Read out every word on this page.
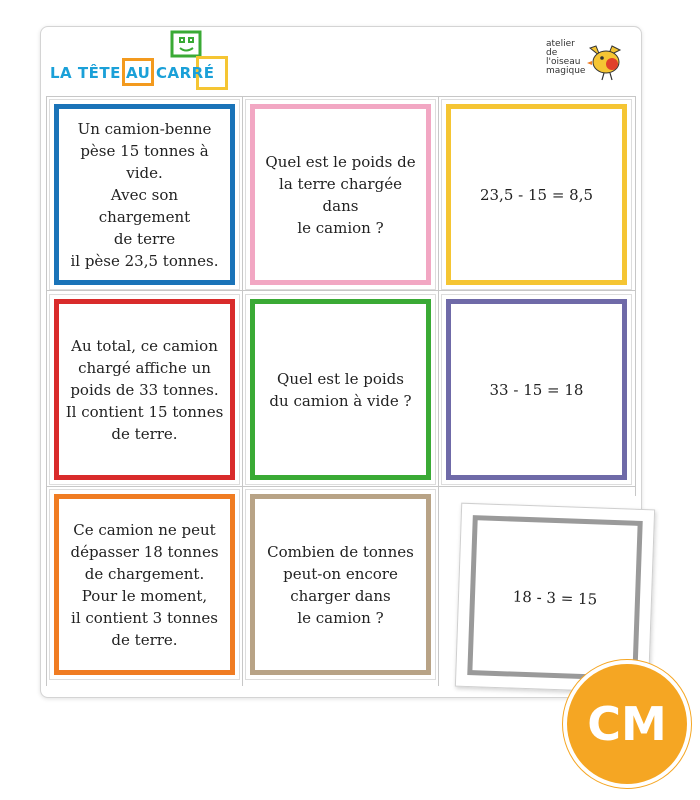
LA TÊTE AU CARRÉ
atelier
de
l'oiseau
magique
Un camion-benne
pèse 15 tonnes à vide.
Avec son chargement
de terre
il pèse 23,5 tonnes.
Quel est le poids de
la terre chargée dans
le camion ?
23,5 - 15 = 8,5
Au total, ce camion
chargé affiche un
poids de 33 tonnes.
Il contient 15 tonnes
de terre.
Quel est le poids
du camion à vide ?
33 - 15 = 18
Ce camion ne peut
dépasser 18 tonnes
de chargement.
Pour le moment,
il contient 3 tonnes
de terre.
Combien de tonnes
peut-on encore
charger dans
le camion ?
18 - 3 = 15
CM
